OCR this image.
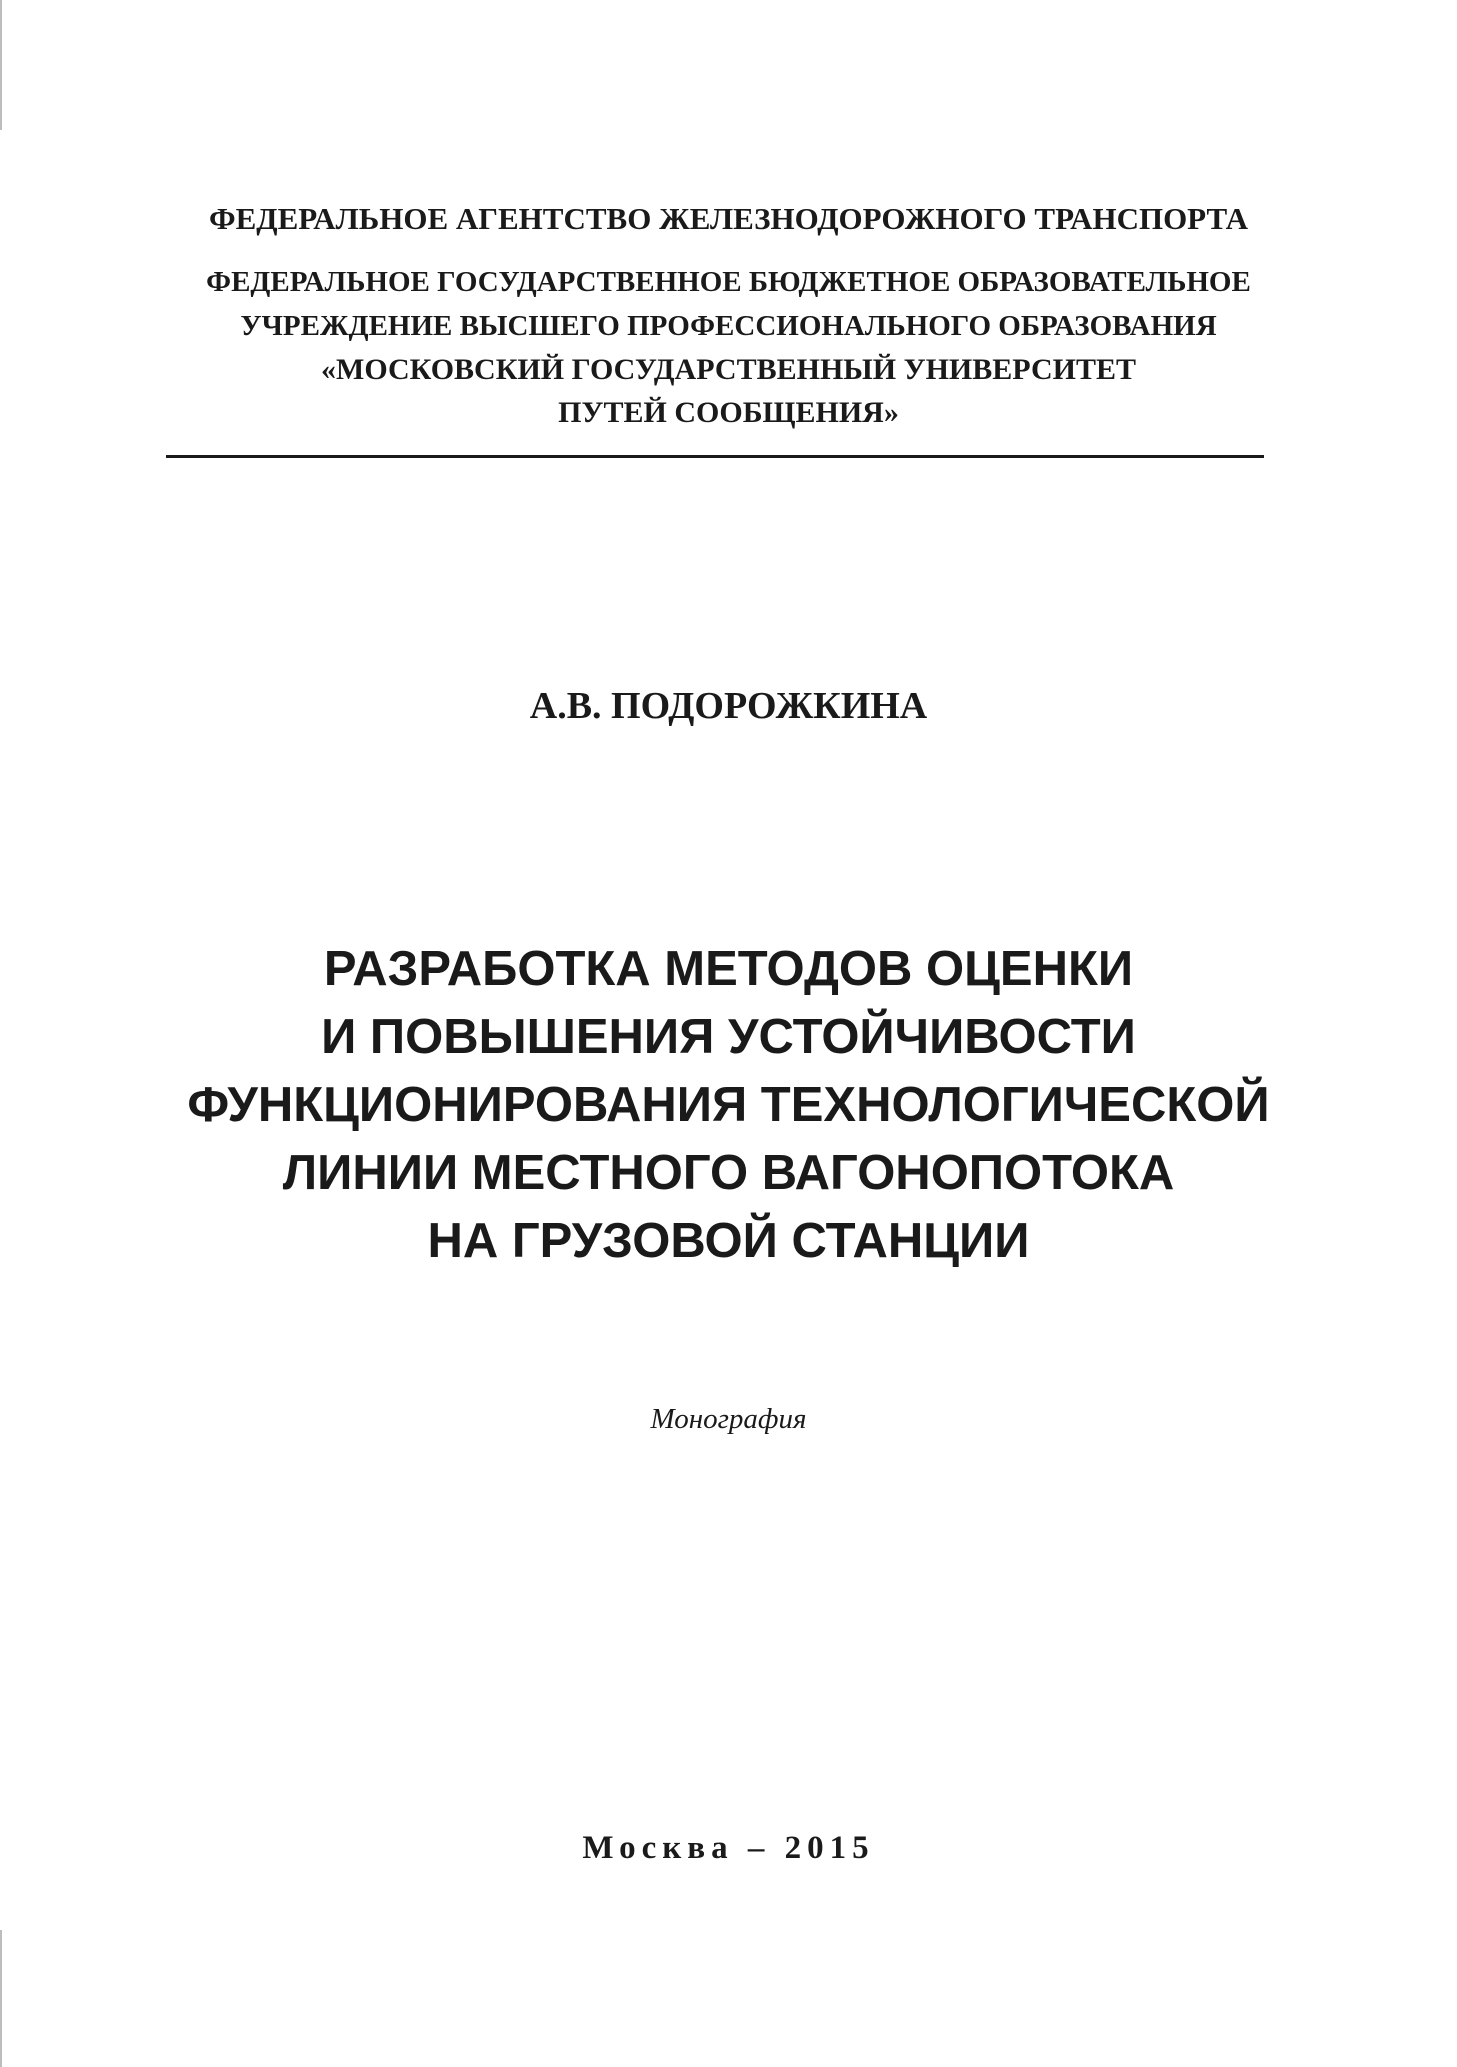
ФЕДЕРАЛЬНОЕ АГЕНТСТВО ЖЕЛЕЗНОДОРОЖНОГО ТРАНСПОРТА
ФЕДЕРАЛЬНОЕ ГОСУДАРСТВЕННОЕ БЮДЖЕТНОЕ ОБРАЗОВАТЕЛЬНОЕ
УЧРЕЖДЕНИЕ ВЫСШЕГО ПРОФЕССИОНАЛЬНОГО ОБРАЗОВАНИЯ
«МОСКОВСКИЙ ГОСУДАРСТВЕННЫЙ УНИВЕРСИТЕТ
ПУТЕЙ СООБЩЕНИЯ»
А.В. ПОДОРОЖКИНА
РАЗРАБОТКА МЕТОДОВ ОЦЕНКИ
И ПОВЫШЕНИЯ УСТОЙЧИВОСТИ
ФУНКЦИОНИРОВАНИЯ ТЕХНОЛОГИЧЕСКОЙ
ЛИНИИ МЕСТНОГО ВАГОНОПОТОКА
НА ГРУЗОВОЙ СТАНЦИИ
Монография
Москва – 2015
